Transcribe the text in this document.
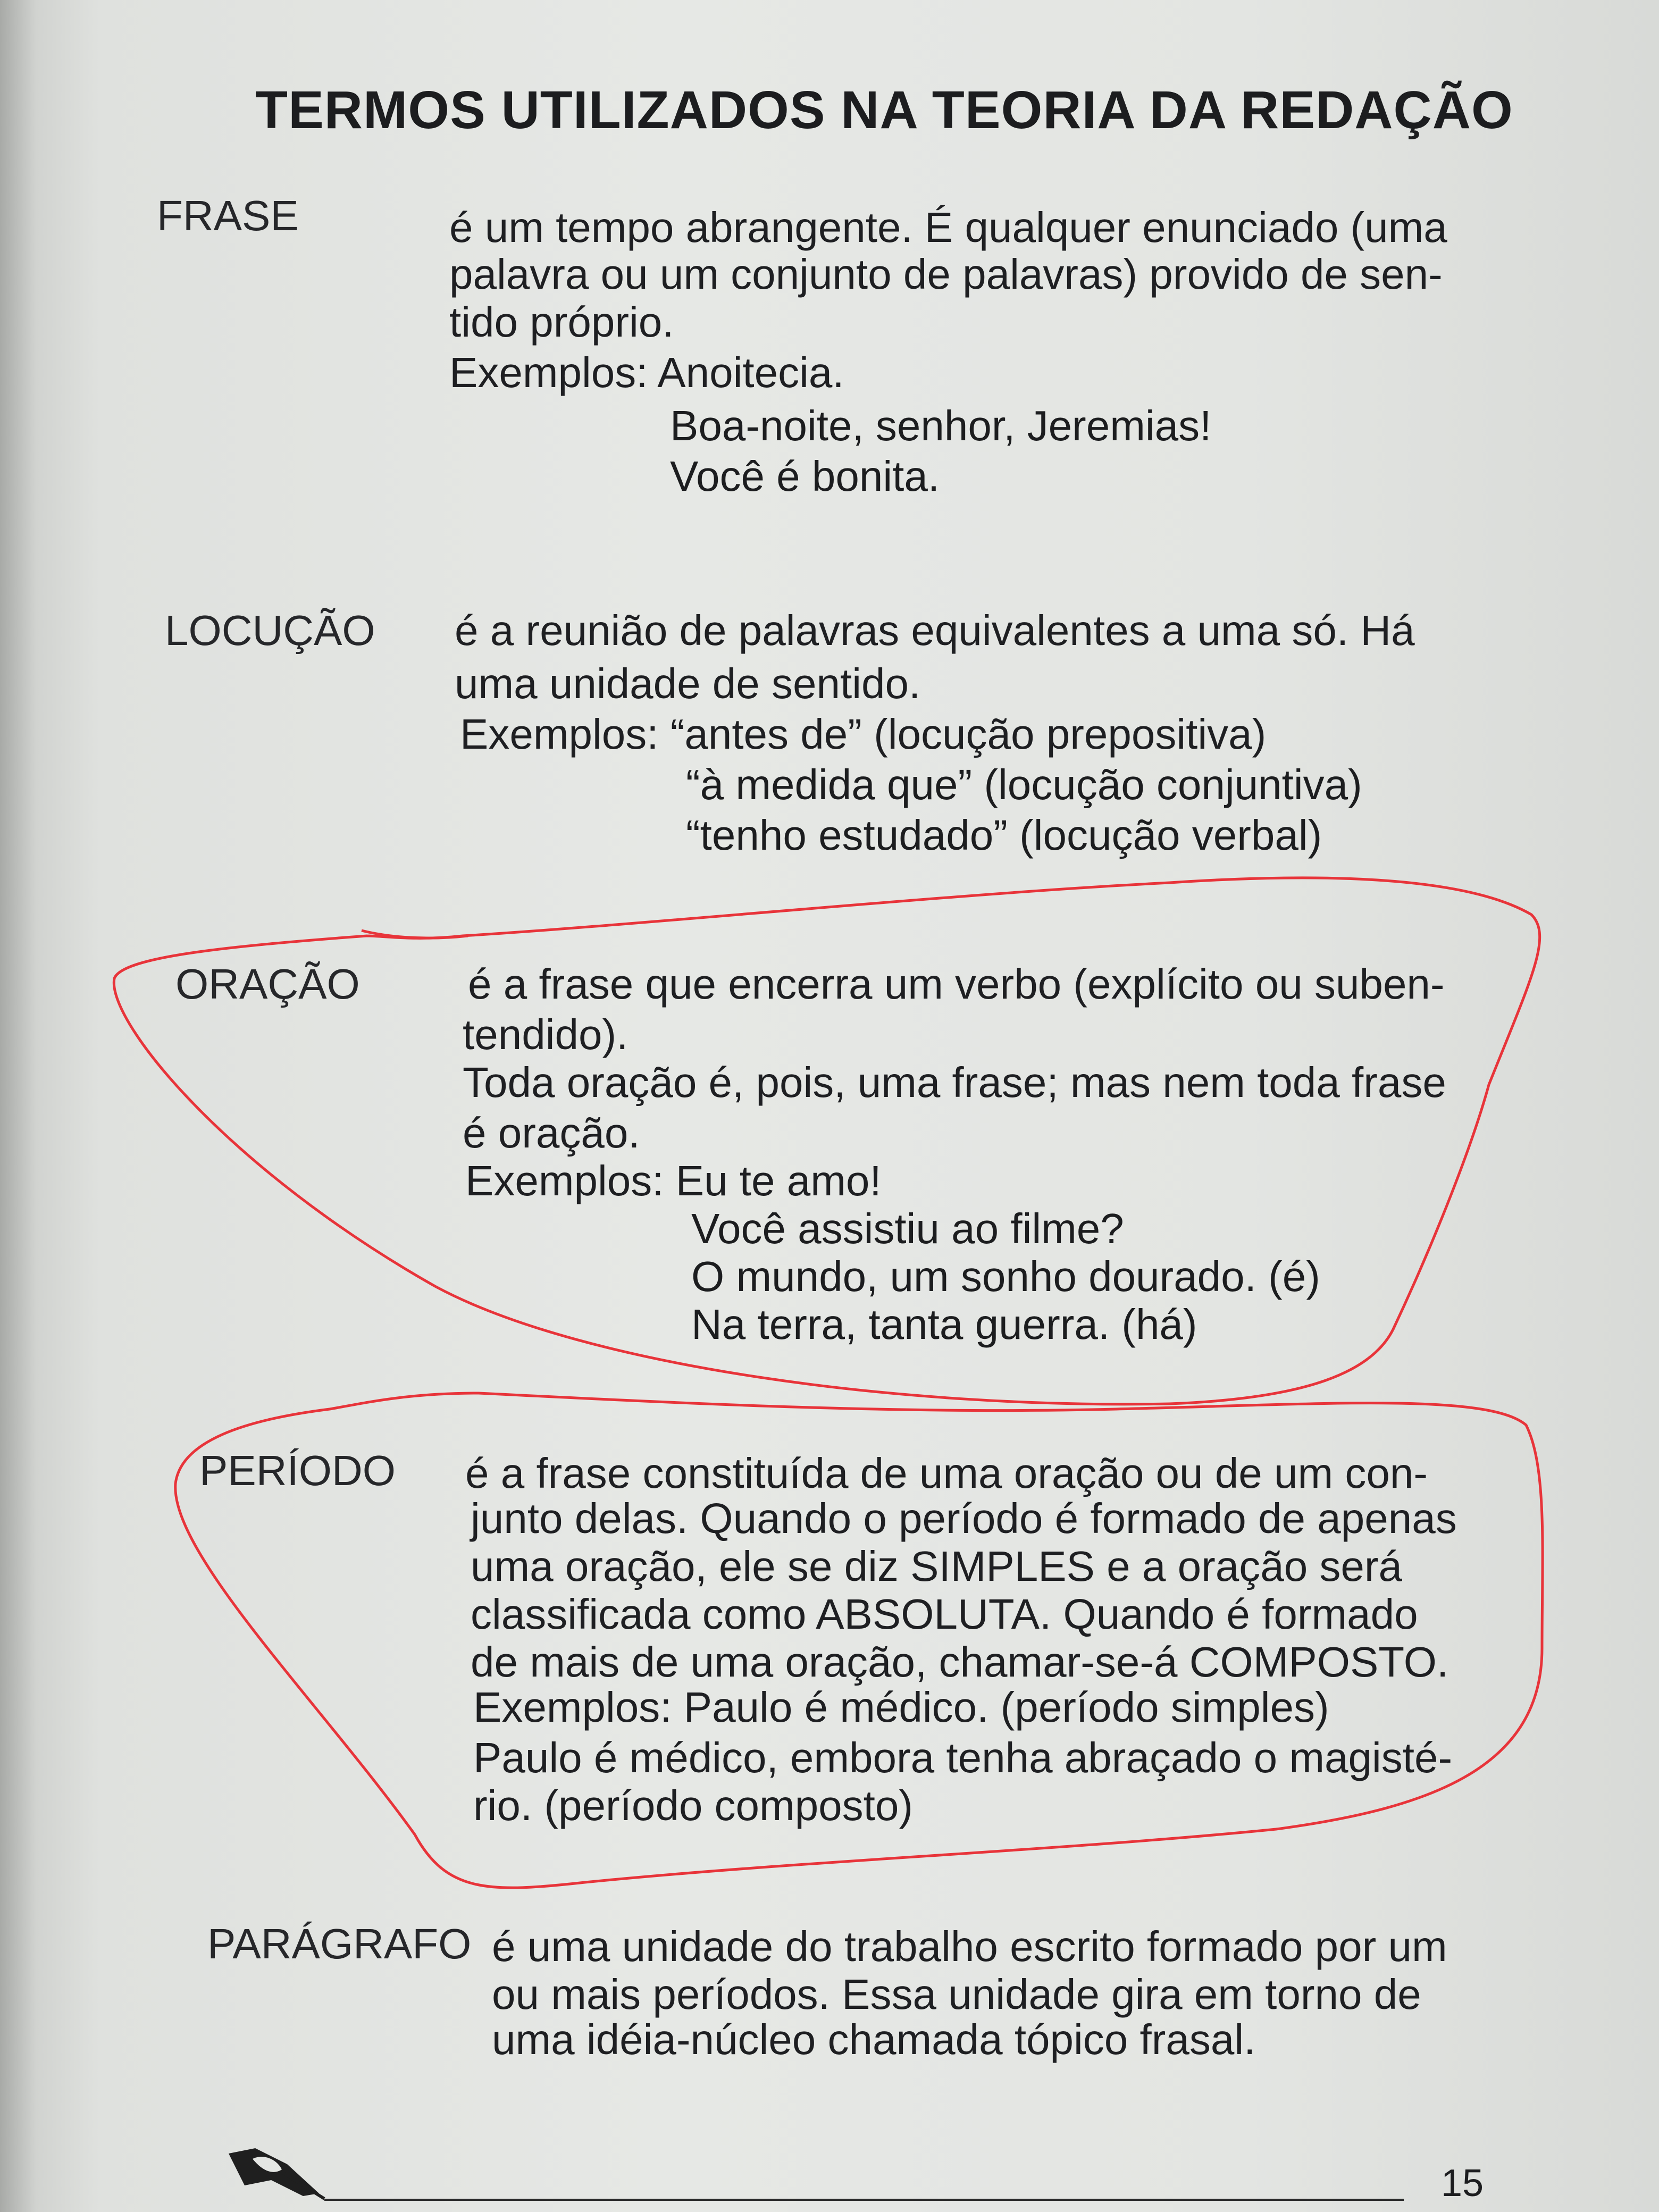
TERMOS UTILIZADOS NA TEORIA DA REDAÇÃO
FRASE	é um tempo abrangente. É qualquer enunciado (uma
palavra ou um conjunto de palavras) provido de sen-
tido próprio.
Exemplos: Anoitecia.
Boa-noite, senhor, Jeremias!
Você é bonita.
LOCUÇÃO é a reunião de palavras equivalentes a uma só. Há
uma unidade de sentido.
Exemplos: “antes de” (locução prepositiva)
“à medida que” (locução conjuntiva)
“tenho estudado” (locução verbal)
ORAÇÃO	é a frase que encerra um verbo (explícito ou suben-
tendido).
Toda oração é, pois, uma frase; mas nem toda frase
é oração.
Exemplos: Eu te amo!
Você assistiu ao filme?
O mundo, um sonho dourado. (é)
Na terra, tanta guerra. (há)
PERÍODO é a frase constituída de uma oração ou de um con-
junto delas. Quando o período é formado de apenas
uma oração, ele se diz SIMPLES e a oração será
classificada como ABSOLUTA. Quando é formado
de mais de uma oração, chamar-se-á COMPOSTO.
Exemplos: Paulo é médico. (período simples)
Paulo é médico, embora tenha abraçado o magisté-
rio. (período composto)
PARÁGRAFO é uma unidade do trabalho escrito formado por um
ou mais períodos. Essa unidade gira em torno de
uma idéia-núcleo chamada tópico frasal.
15
